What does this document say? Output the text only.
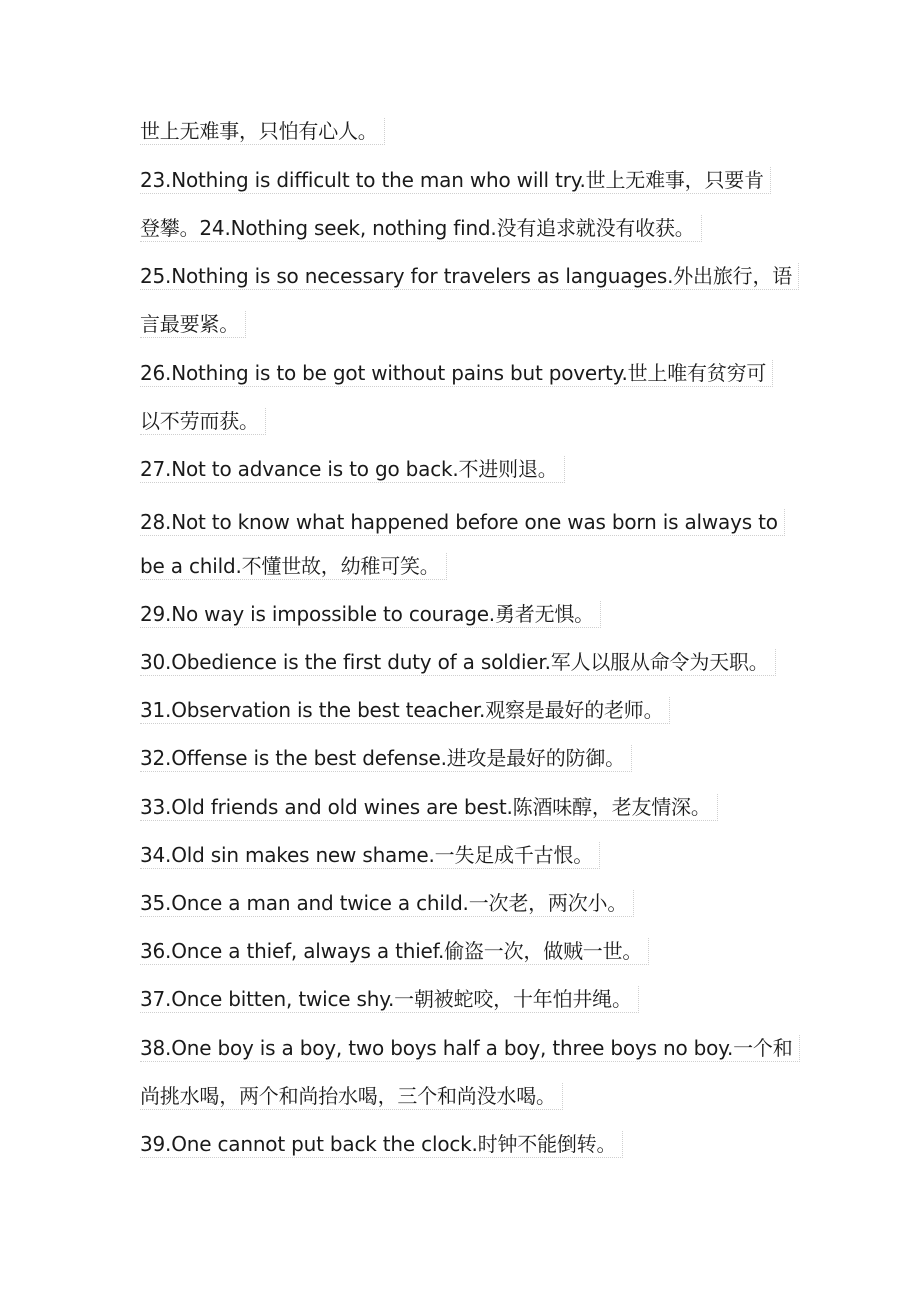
世上无难事，只怕有心人。
23.Nothing is difficult to the man who will try.世上无难事，只要肯
登攀。24.Nothing seek, nothing find.没有追求就没有收获。
25.Nothing is so necessary for travelers as languages.外出旅行，语
言最要紧。
26.Nothing is to be got without pains but poverty.世上唯有贫穷可
以不劳而获。
27.Not to advance is to go back.不进则退。
28.Not to know what happened before one was born is always to
be a child.不懂世故，幼稚可笑。
29.No way is impossible to courage.勇者无惧。
30.Obedience is the first duty of a soldier.军人以服从命令为天职。
31.Observation is the best teacher.观察是最好的老师。
32.Offense is the best defense.进攻是最好的防御。
33.Old friends and old wines are best.陈酒味醇，老友情深。
34.Old sin makes new shame.一失足成千古恨。
35.Once a man and twice a child.一次老，两次小。
36.Once a thief, always a thief.偷盗一次，做贼一世。
37.Once bitten, twice shy.一朝被蛇咬，十年怕井绳。
38.One boy is a boy, two boys half a boy, three boys no boy.一个和
尚挑水喝，两个和尚抬水喝，三个和尚没水喝。
39.One cannot put back the clock.时钟不能倒转。
